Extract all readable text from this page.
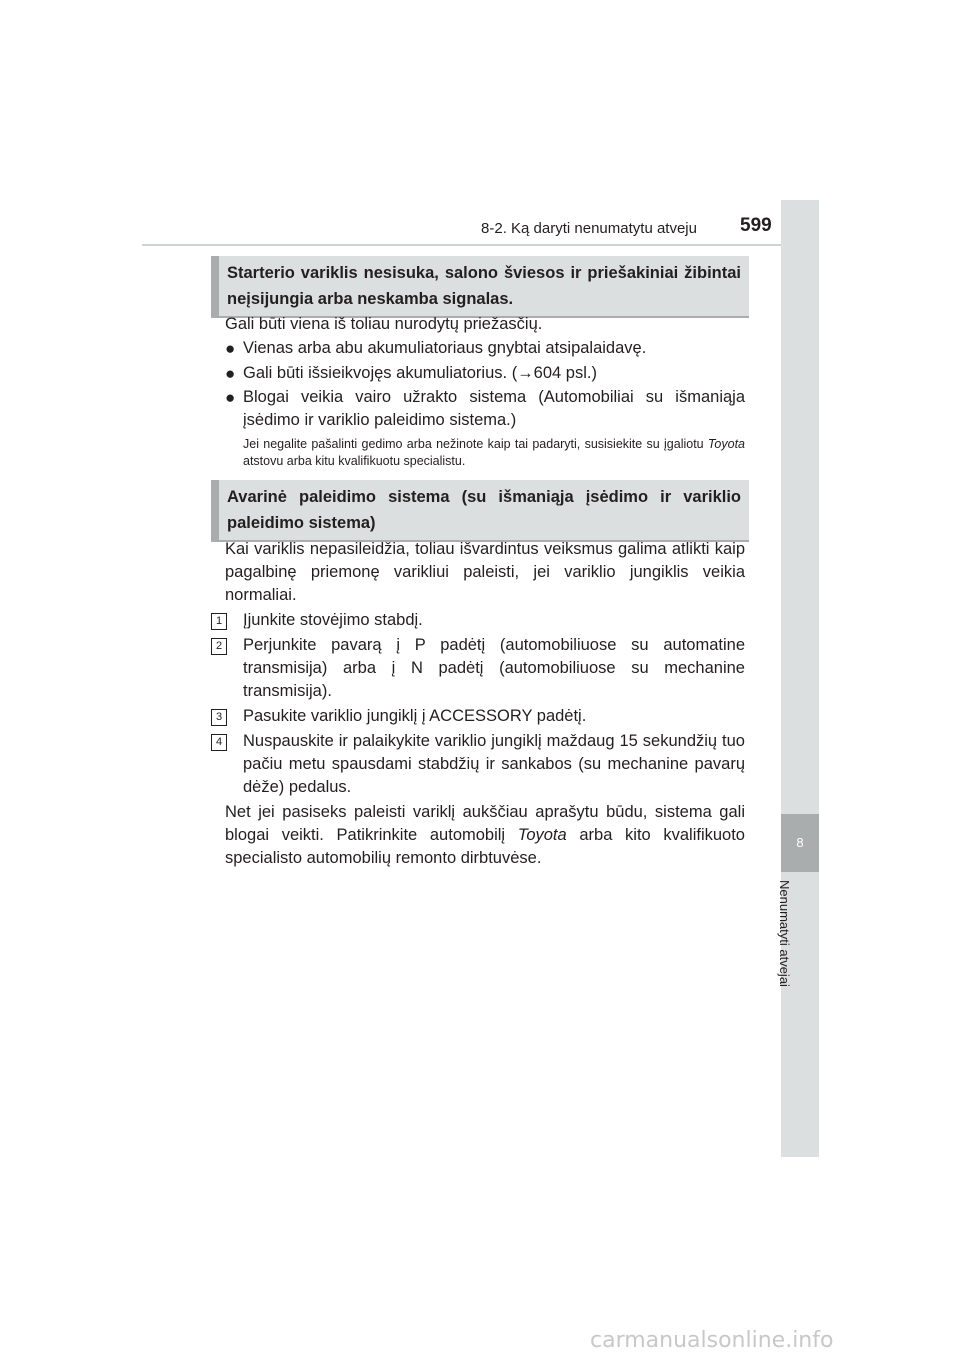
8-2. Ką daryti nenumatytu atveju 599
8
Nenumatyti atvejai
Starterio variklis nesisuka, salono šviesos ir priešakiniai žibintai neįsijungia arba neskamba signalas.
Gali būti viena iš toliau nurodytų priežasčių.
● Vienas arba abu akumuliatoriaus gnybtai atsipalaidavę.
● Gali būti išsieikvojęs akumuliatorius. (→604 psl.)
● Blogai veikia vairo užrakto sistema (Automobiliai su išmaniąja įsėdimo ir variklio paleidimo sistema.)
Jei negalite pašalinti gedimo arba nežinote kaip tai padaryti, susisiekite su įgaliotu Toyota atstovu arba kitu kvalifikuotu specialistu.
Avarinė paleidimo sistema (su išmaniąja įsėdimo ir variklio paleidimo sistema)
Kai variklis nepasileidžia, toliau išvardintus veiksmus galima atlikti kaip pagalbinę priemonę varikliui paleisti, jei variklio jungiklis veikia normaliai.
1 Įjunkite stovėjimo stabdį.
2 Perjunkite pavarą į P padėtį (automobiliuose su automatine transmisija) arba į N padėtį (automobiliuose su mechanine transmisija).
3 Pasukite variklio jungiklį į ACCESSORY padėtį.
4 Nuspauskite ir palaikykite variklio jungiklį maždaug 15 sekundžių tuo pačiu metu spausdami stabdžių ir sankabos (su mechanine pavarų dėže) pedalus.
Net jei pasiseks paleisti variklį aukščiau aprašytu būdu, sistema gali blogai veikti. Patikrinkite automobilį Toyota arba kito kvalifikuoto specialisto automobilių remonto dirbtuvėse.
carmanualsonline.info
